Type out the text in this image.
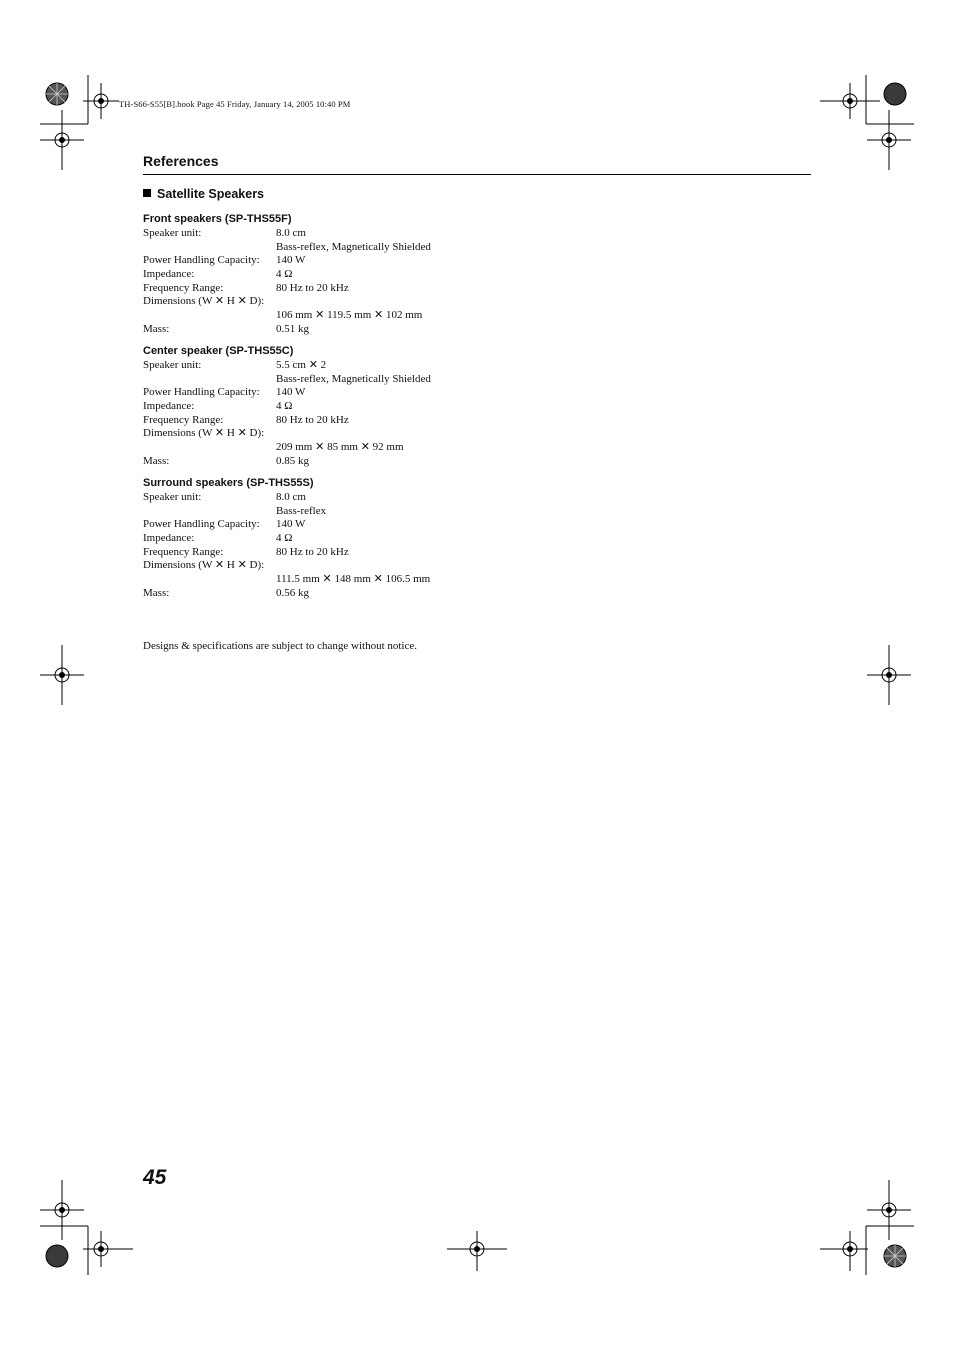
TH-S66-S55[B].book Page 45 Friday, January 14, 2005 10:40 PM
References
Satellite Speakers
Front speakers (SP-THS55F)
Speaker unit:	8.0 cm
Bass-reflex, Magnetically Shielded
Power Handling Capacity: 140 W
Impedance:	4 Ω
Frequency Range:	80 Hz to 20 kHz
Dimensions (W ✕ H ✕ D):
106 mm ✕ 119.5 mm ✕ 102 mm
Mass:	0.51 kg
Center speaker (SP-THS55C)
Speaker unit:	5.5 cm ✕ 2
Bass-reflex, Magnetically Shielded
Power Handling Capacity: 140 W
Impedance:	4 Ω
Frequency Range:	80 Hz to 20 kHz
Dimensions (W ✕ H ✕ D):
209 mm ✕ 85 mm ✕ 92 mm
Mass:	0.85 kg
Surround speakers (SP-THS55S)
Speaker unit:	8.0 cm
Bass-reflex
Power Handling Capacity: 140 W
Impedance:	4 Ω
Frequency Range:	80 Hz to 20 kHz
Dimensions (W ✕ H ✕ D):
111.5 mm ✕ 148 mm ✕ 106.5 mm
Mass:	0.56 kg
Designs & specifications are subject to change without notice.
45
